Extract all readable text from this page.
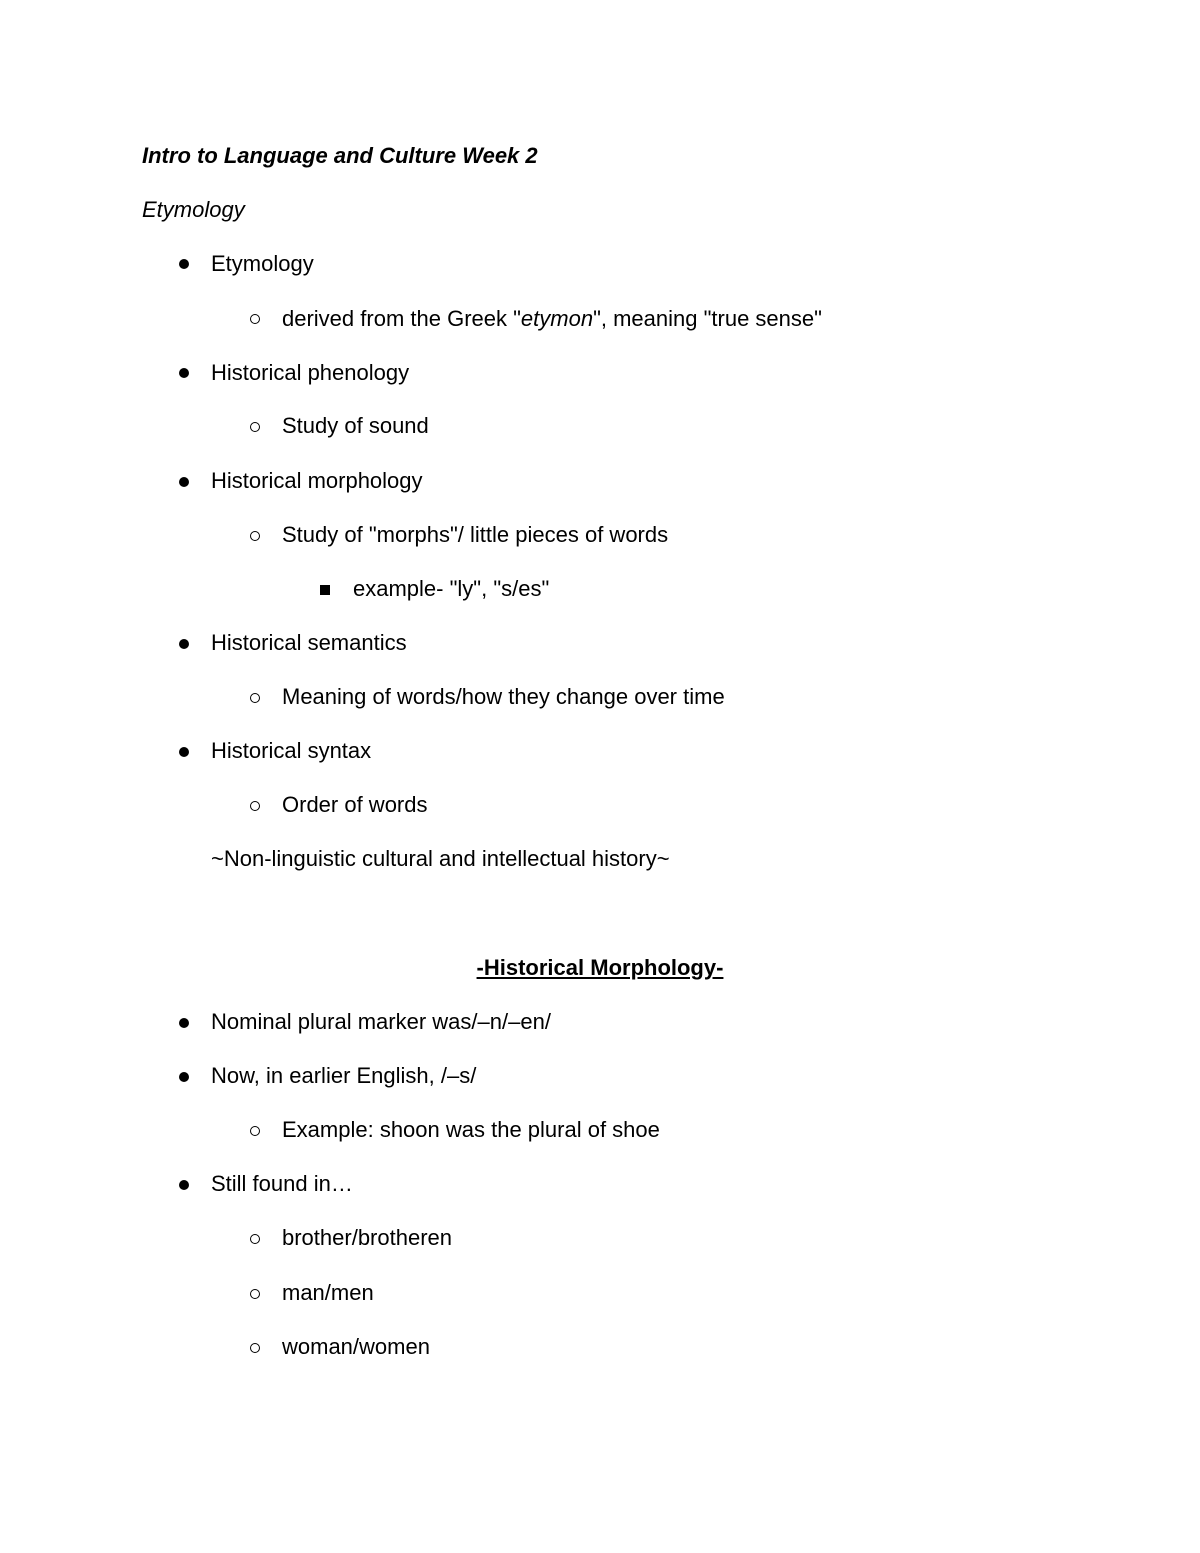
Intro to Language and Culture Week 2
Etymology
Etymology
derived from the Greek "etymon", meaning "true sense"
Historical phenology
Study of sound
Historical morphology
Study of "morphs"/ little pieces of words
example- "ly", "s/es"
Historical semantics
Meaning of words/how they change over time
Historical syntax
Order of words
~Non-linguistic cultural and intellectual history~
-Historical Morphology-
Nominal plural marker was/–n/–en/
Now, in earlier English, /–s/
Example: shoon was the plural of shoe
Still found in…
brother/brotheren
man/men
woman/women
